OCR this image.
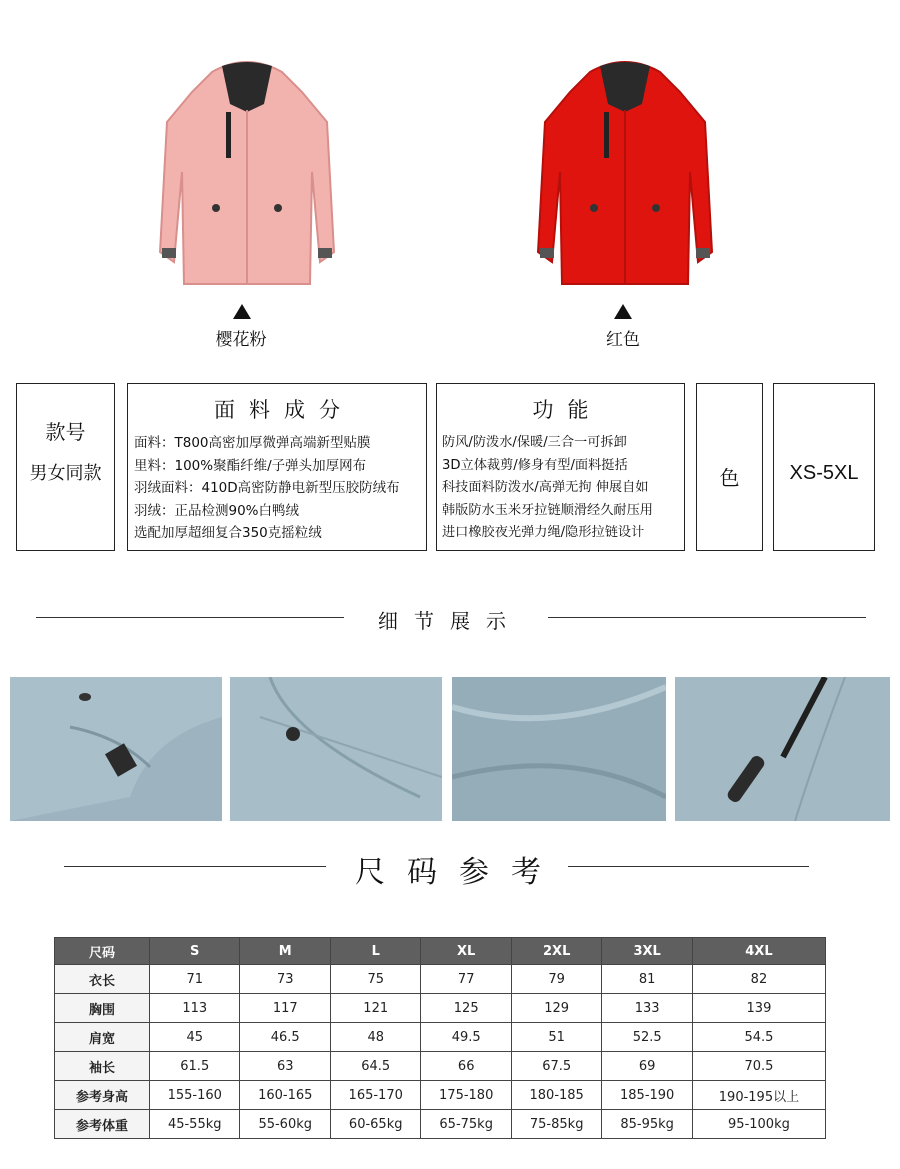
樱花粉	红色
款号
男女同款
面料成分
面料：T800高密加厚微弹高端新型贴膜
里料：100%聚酯纤维/子弹头加厚网布
羽绒面料：410D高密防静电新型压胶防绒布
羽绒：正品检测90%白鸭绒
选配加厚超细复合350克摇粒绒
功能
防风/防泼水/保暖/三合一可拆卸
3D立体裁剪/修身有型/面料挺括
科技面料防泼水/高弹无拘 伸展自如
韩版防水玉米牙拉链顺滑经久耐压用
进口橡胶夜光弹力绳/隐形拉链设计
色	XS-5XL
细节展示
尺码参考
尺码	S	M	L	XL	2XL	3XL	4XL
衣长	71	73	75	77	79	81	82
胸围	113	117	121	125	129	133	139
肩宽	45	46.5	48	49.5	51	52.5	54.5
袖长	61.5	63	64.5	66	67.5	69	70.5
参考身高	155-160	160-165	165-170	175-180	180-185	185-190	190-195以上
参考体重	45-55kg	55-60kg	60-65kg	65-75kg	75-85kg	85-95kg	95-100kg
